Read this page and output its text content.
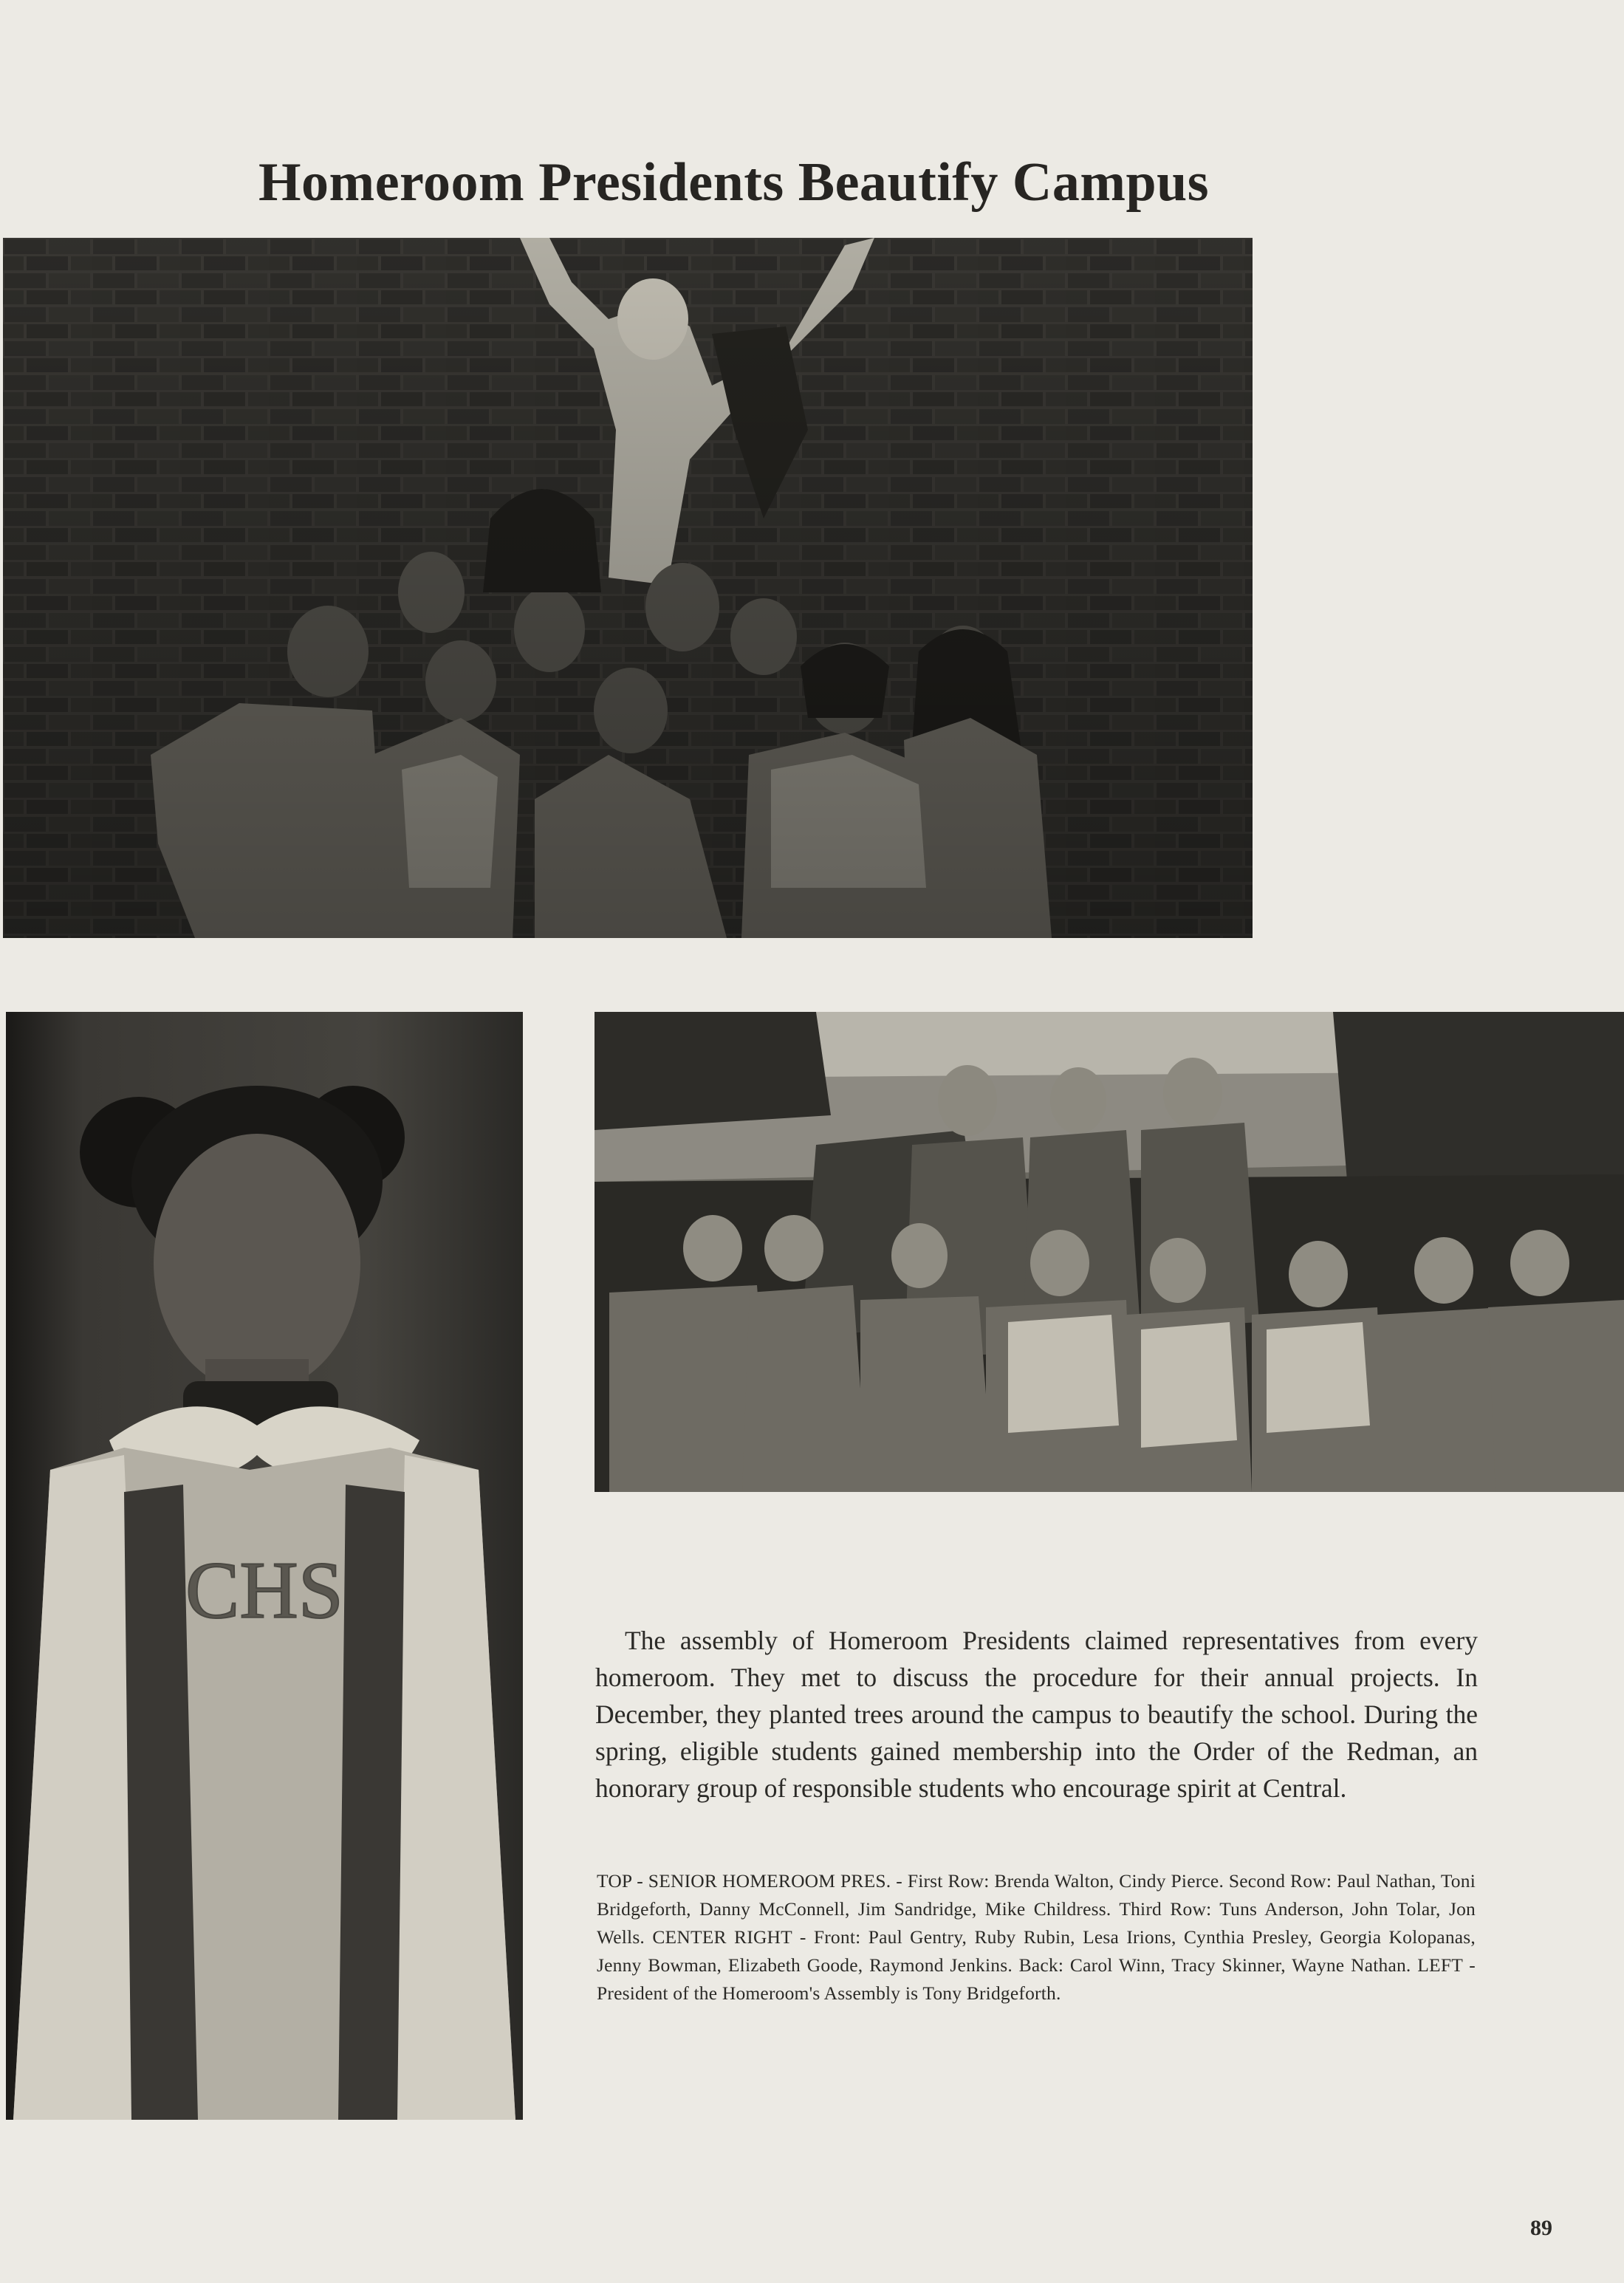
Homeroom Presidents Beautify Campus
CHS

The assembly of Homeroom Presidents claimed representatives from every homeroom. They met to discuss the procedure for their annual projects. In December, they planted trees around the campus to beautify the school. During the spring, eligible students gained membership into the Order of the Redman, an honorary group of responsible students who encourage spirit at Central.

TOP - SENIOR HOMEROOM PRES. - First Row: Brenda Walton, Cindy Pierce. Second Row: Paul Nathan, Toni Bridgeforth, Danny McConnell, Jim Sandridge, Mike Childress. Third Row: Tuns Anderson, John Tolar, Jon Wells. CENTER RIGHT - Front: Paul Gentry, Ruby Rubin, Lesa Irions, Cynthia Presley, Georgia Kolopanas, Jenny Bowman, Elizabeth Goode, Raymond Jenkins. Back: Carol Winn, Tracy Skinner, Wayne Nathan. LEFT - President of the Homeroom's Assembly is Tony Bridgeforth.

89
